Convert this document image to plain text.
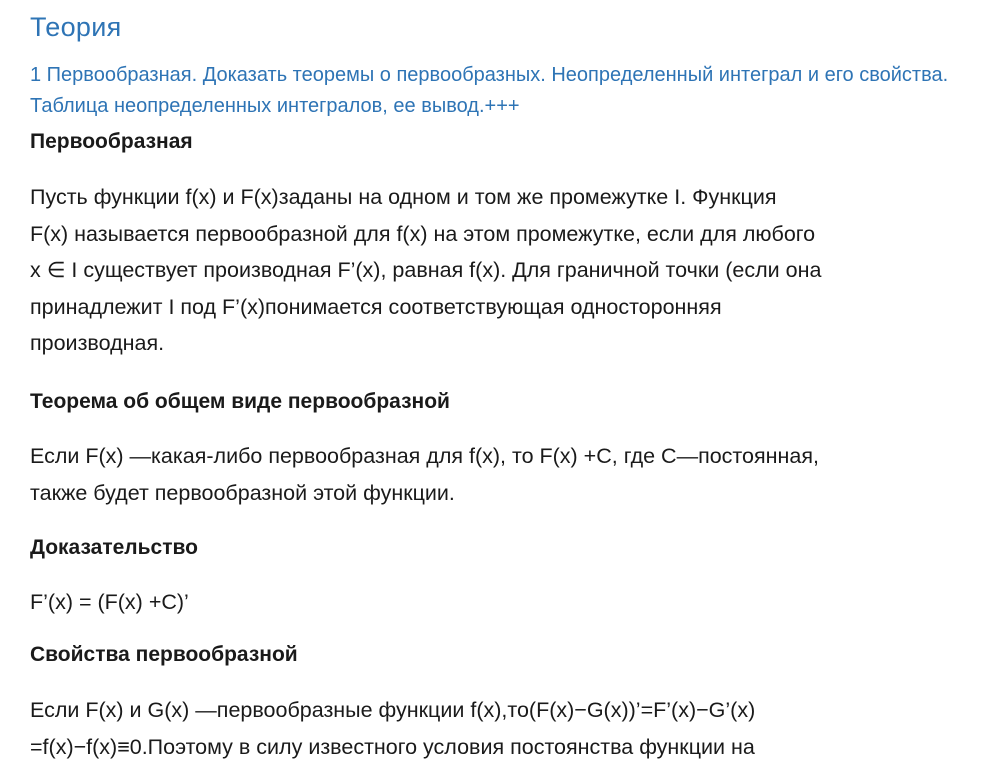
Теория
1 Первообразная. Доказать теоремы о первообразных. Неопределенный интеграл и его свойства. Таблица неопределенных интегралов, ее вывод.+++
Первообразная
Пусть функции f(x) и F(x)заданы на одном и том же промежутке I. Функция
F(x) называется первообразной для f(x) на этом промежутке, если для любого
x ∈ I существует производная F’(x), равная f(x). Для граничной точки (если она
принадлежит I под F’(x)понимается соответствующая односторонняя
производная.
Теорема об общем виде первообразной
Если F(x) —какая-либо первообразная для f(x), то F(x) +C, где C—постоянная,
также будет первообразной этой функции.
Доказательство
F’(x) = (F(x) +C)’
Свойства первообразной
Если F(x) и G(x) —первообразные функции f(x),то(F(x)−G(x))’=F’(x)−G’(x)
=f(x)−f(x)≡0.Поэтому в силу известного условия постоянства функции на
